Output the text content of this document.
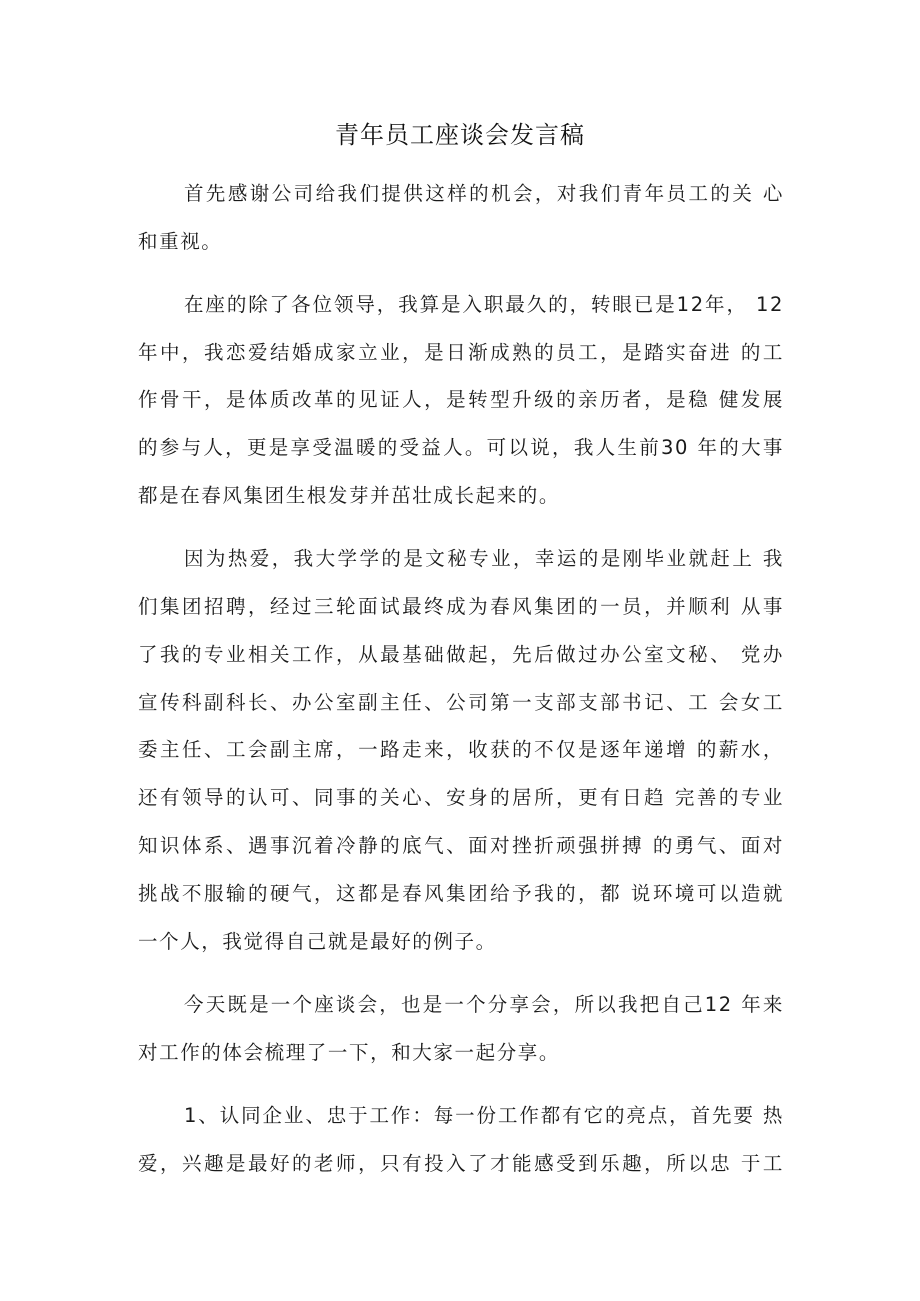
青年员工座谈会发言稿
首先感谢公司给我们提供这样的机会，对我们青年员工的关 心
和重视。
在座的除了各位领导，我算是入职最久的，转眼已是12年， 12
年中，我恋爱结婚成家立业，是日渐成熟的员工，是踏实奋进 的工
作骨干，是体质改革的见证人，是转型升级的亲历者，是稳 健发展
的参与人，更是享受温暖的受益人。可以说，我人生前30 年的大事
都是在春风集团生根发芽并茁壮成长起来的。
因为热爱，我大学学的是文秘专业，幸运的是刚毕业就赶上 我
们集团招聘，经过三轮面试最终成为春风集团的一员，并顺利 从事
了我的专业相关工作，从最基础做起，先后做过办公室文秘、 党办
宣传科副科长、办公室副主任、公司第一支部支部书记、工 会女工
委主任、工会副主席，一路走来，收获的不仅是逐年递增 的薪水，
还有领导的认可、同事的关心、安身的居所，更有日趋 完善的专业
知识体系、遇事沉着冷静的底气、面对挫折顽强拼搏 的勇气、面对
挑战不服输的硬气，这都是春风集团给予我的，都 说环境可以造就
一个人，我觉得自己就是最好的例子。
今天既是一个座谈会，也是一个分享会，所以我把自己12 年来
对工作的体会梳理了一下，和大家一起分享。
1、认同企业、忠于工作：每一份工作都有它的亮点，首先要 热
爱，兴趣是最好的老师，只有投入了才能感受到乐趣，所以忠 于工
